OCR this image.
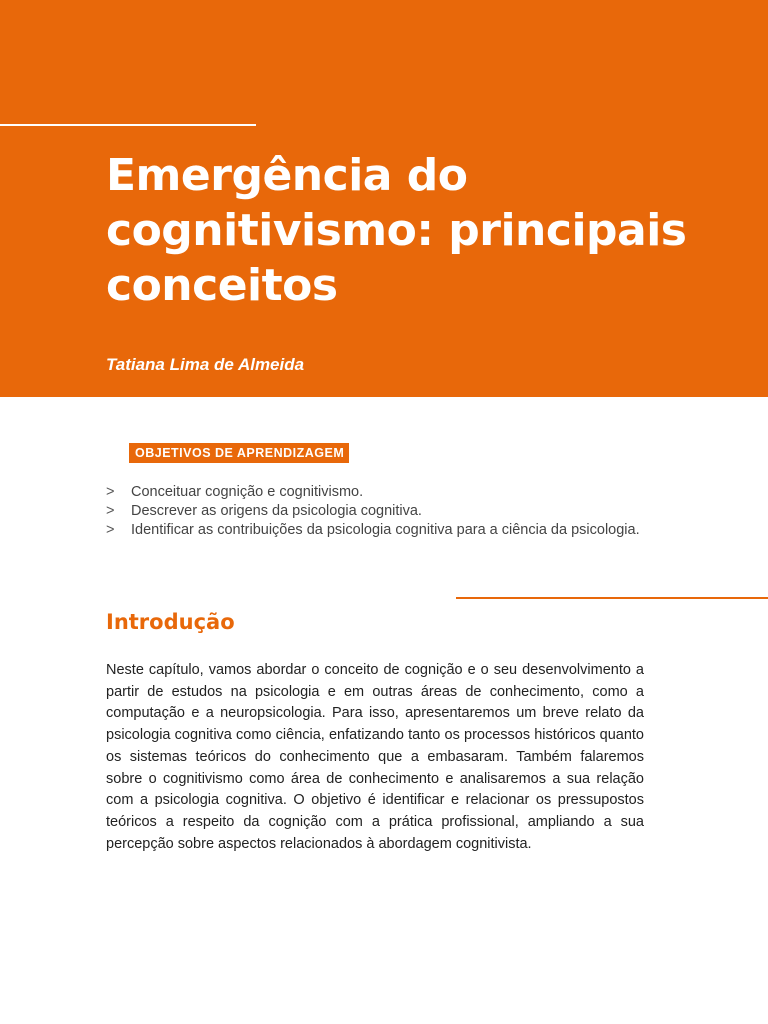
Emergência do cognitivismo: principais conceitos
Tatiana Lima de Almeida
OBJETIVOS DE APRENDIZAGEM
> Conceituar cognição e cognitivismo.
> Descrever as origens da psicologia cognitiva.
> Identificar as contribuições da psicologia cognitiva para a ciência da psicologia.
Introdução

Neste capítulo, vamos abordar o conceito de cognição e o seu desenvolvimento a partir de estudos na psicologia e em outras áreas de conhecimento, como a computação e a neuropsicologia. Para isso, apresentaremos um breve relato da psicologia cognitiva como ciência, enfatizando tanto os processos históricos quanto os sistemas teóricos do conhecimento que a embasaram. Também falaremos sobre o cognitivismo como área de conhecimento e analisaremos a sua relação com a psicologia cognitiva. O objetivo é identificar e relacionar os pressupostos teóricos a respeito da cognição com a prática profissional, ampliando a sua percepção sobre aspectos relacionados à abordagem cognitivista.
